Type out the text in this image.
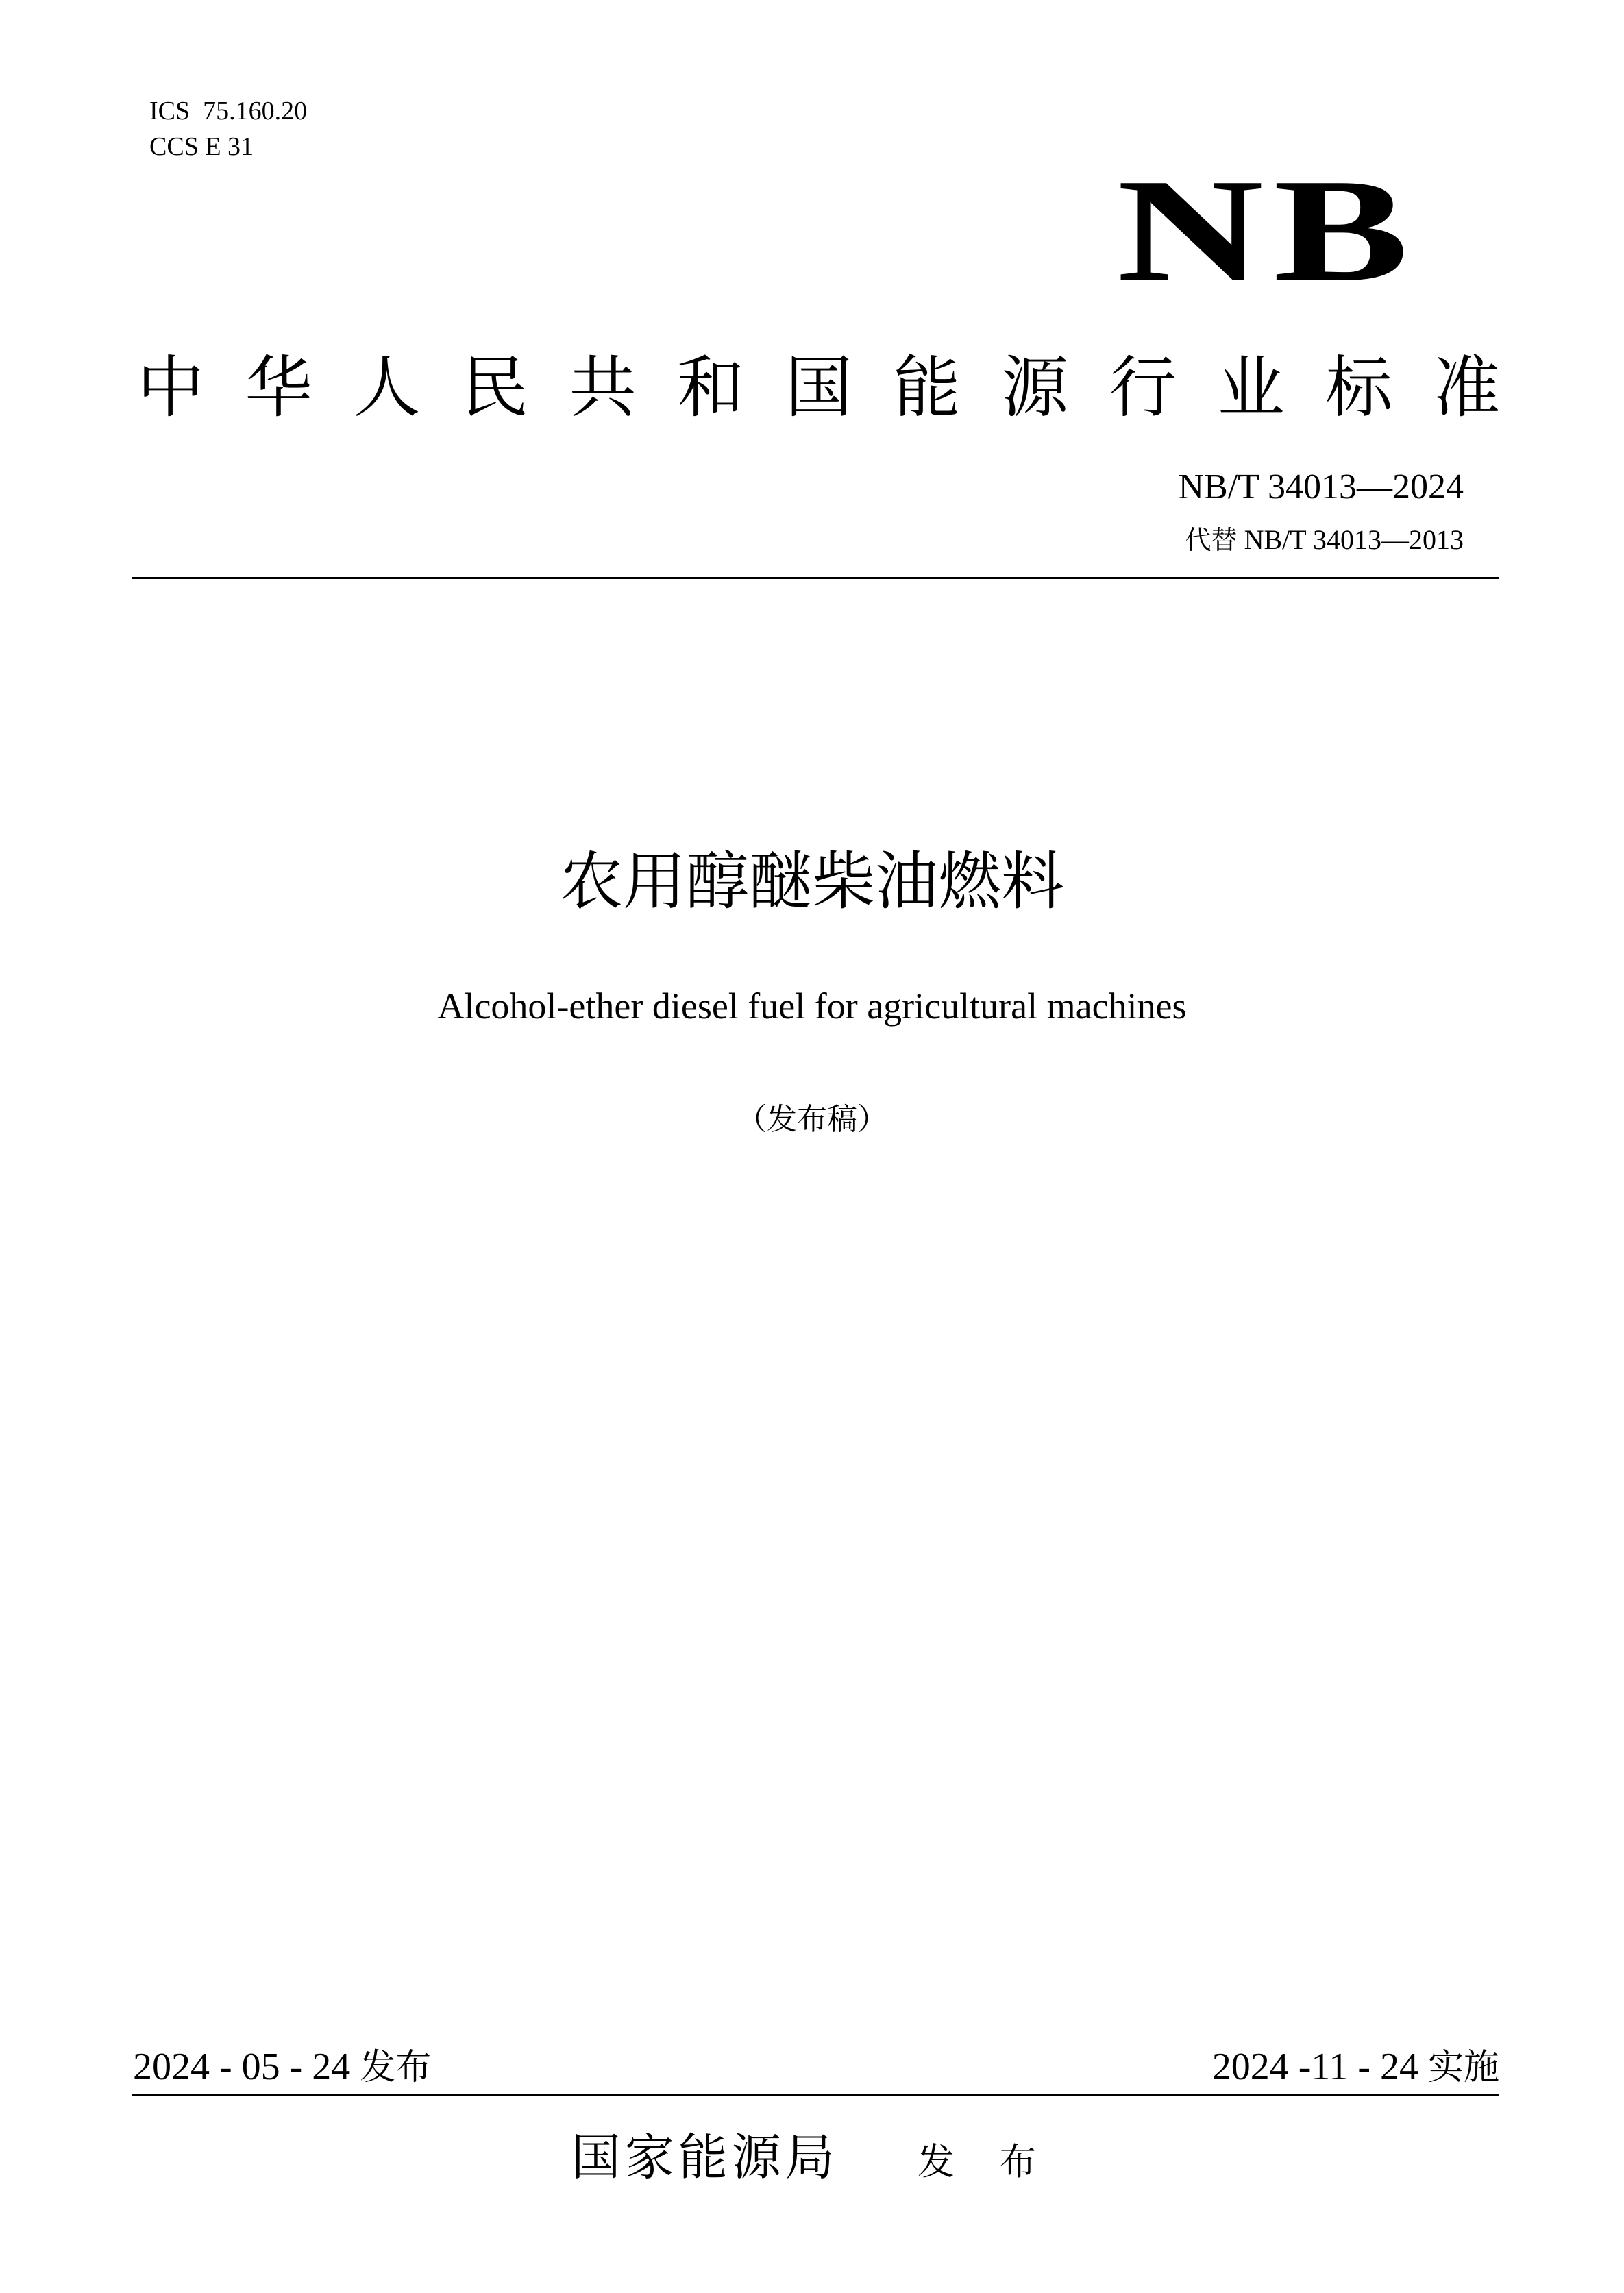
ICS  75.160.20
CCS E 31
NB
中 华 人 民 共 和 国 能 源 行 业 标 准
NB/T 34013—2024
代替 NB/T 34013—2013
农用醇醚柴油燃料
Alcohol-ether diesel fuel for agricultural machines
（发布稿）
2024 - 05 - 24 发布	2024 -11 - 24 实施
国家能源局 发 布
